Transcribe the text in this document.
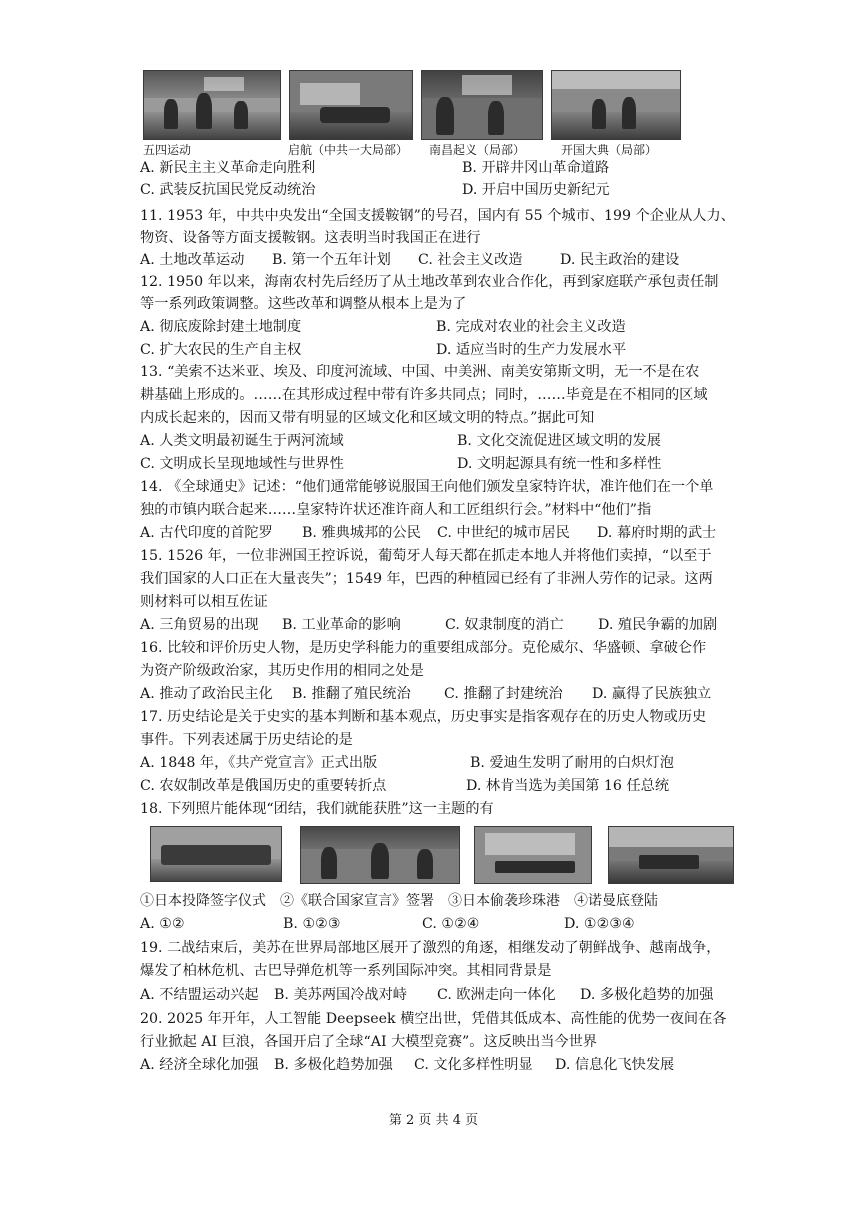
五四运动	启航（中共一大局部）	南昌起义（局部）	开国大典（局部）
A. 新民主主义革命走向胜利	B. 开辟井冈山革命道路
C. 武装反抗国民党反动统治	D. 开启中国历史新纪元
11. 1953 年，中共中央发出“全国支援鞍钢”的号召，国内有 55 个城市、199 个企业从人力、
物资、设备等方面支援鞍钢。这表明当时我国正在进行
A. 土地改革运动 B. 第一个五年计划 C. 社会主义改造	D. 民主政治的建设
12. 1950 年以来，海南农村先后经历了从土地改革到农业合作化，再到家庭联产承包责任制
等一系列政策调整。这些改革和调整从根本上是为了
A. 彻底废除封建土地制度	B. 完成对农业的社会主义改造
C. 扩大农民的生产自主权	D. 适应当时的生产力发展水平
13. “美索不达米亚、埃及、印度河流域、中国、中美洲、南美安第斯文明，无一不是在农
耕基础上形成的。……在其形成过程中带有许多共同点；同时，……毕竟是在不相同的区域
内成长起来的，因而又带有明显的区域文化和区域文明的特点。”据此可知
A. 人类文明最初诞生于两河流域	B. 文化交流促进区域文明的发展
C. 文明成长呈现地域性与世界性	D. 文明起源具有统一性和多样性
14. 《全球通史》记述：“他们通常能够说服国王向他们颁发皇家特许状，准许他们在一个单
独的市镇内联合起来……皇家特许状还准许商人和工匠组织行会。”材料中“他们”指
A. 古代印度的首陀罗 B. 雅典城邦的公民 C. 中世纪的城市居民 D. 幕府时期的武士
15. 1526 年，一位非洲国王控诉说，葡萄牙人每天都在抓走本地人并将他们卖掉，“以至于
我们国家的人口正在大量丧失”；1549 年，巴西的种植园已经有了非洲人劳作的记录。这两
则材料可以相互佐证
A. 三角贸易的出现 B. 工业革命的影响	C. 奴隶制度的消亡 D. 殖民争霸的加剧
16. 比较和评价历史人物，是历史学科能力的重要组成部分。克伦威尔、华盛顿、拿破仑作
为资产阶级政治家，其历史作用的相同之处是
A. 推动了政治民主化 B. 推翻了殖民统治 C. 推翻了封建统治 D. 赢得了民族独立
17. 历史结论是关于史实的基本判断和基本观点，历史事实是指客观存在的历史人物或历史
事件。下列表述属于历史结论的是
A. 1848 年，《共产党宣言》正式出版	B. 爱迪生发明了耐用的白炽灯泡
C. 农奴制改革是俄国历史的重要转折点	D. 林肯当选为美国第 16 任总统
18. 下列照片能体现“团结，我们就能获胜”这一主题的有
①日本投降签字仪式　②《联合国家宣言》签署　③日本偷袭珍珠港　④诺曼底登陆
A. ①②	B. ①②③	C. ①②④	D. ①②③④
19. 二战结束后，美苏在世界局部地区展开了激烈的角逐，相继发动了朝鲜战争、越南战争，
爆发了柏林危机、古巴导弹危机等一系列国际冲突。其相同背景是
A. 不结盟运动兴起 B. 美苏两国冷战对峙 C. 欧洲走向一体化 D. 多极化趋势的加强
20. 2025 年开年，人工智能 Deepseek 横空出世，凭借其低成本、高性能的优势一夜间在各
行业掀起 AI 巨浪，各国开启了全球“AI 大模型竞赛”。这反映出当今世界
A. 经济全球化加强 B. 多极化趋势加强 C. 文化多样性明显 D. 信息化飞快发展
第 2 页 共 4 页
